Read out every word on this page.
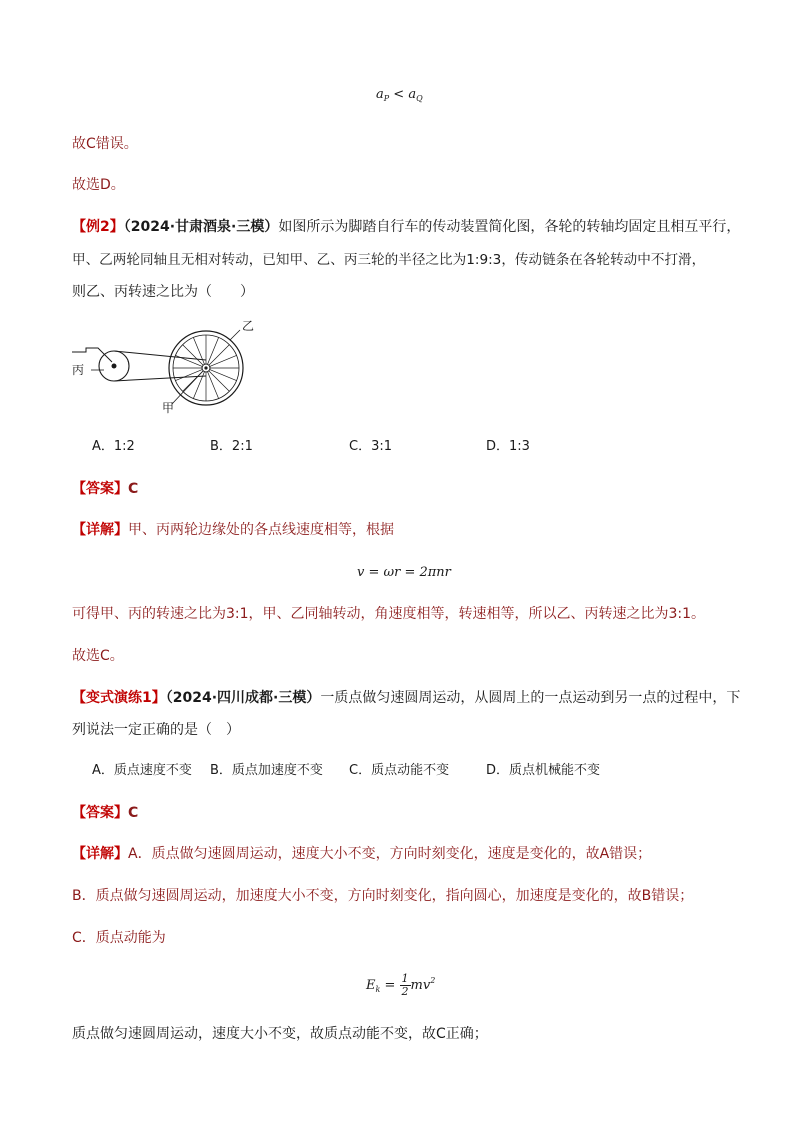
$a_P < a_Q$
故C错误。
故选D。
【例2】（2024·甘肃酒泉·三模）如图所示为脚踏自行车的传动装置简化图，各轮的转轴均固定且相互平行，
甲、乙两轮同轴且无相对转动，已知甲、乙、丙三轮的半径之比为1:9:3，传动链条在各轮转动中不打滑，
则乙、丙转速之比为（　　）
乙
丙
甲
A．1:2	B．2:1	C．3:1	D．1:3
【答案】C
【详解】甲、丙两轮边缘处的各点线速度相等，根据
v = ωr = 2πnr
可得甲、丙的转速之比为3:1，甲、乙同轴转动，角速度相等，转速相等，所以乙、丙转速之比为3:1。
故选C。
【变式演练1】（2024·四川成都·三模）一质点做匀速圆周运动，从圆周上的一点运动到另一点的过程中，下
列说法一定正确的是（　）
A．质点速度不变 B．质点加速度不变 C．质点动能不变	D．质点机械能不变
【答案】C
【详解】A．质点做匀速圆周运动，速度大小不变，方向时刻变化，速度是变化的，故A错误；
B．质点做匀速圆周运动，加速度大小不变，方向时刻变化，指向圆心，加速度是变化的，故B错误；
C．质点动能为
$E_k = \frac{1}{2} mv^2$
质点做匀速圆周运动，速度大小不变，故质点动能不变，故C正确；
